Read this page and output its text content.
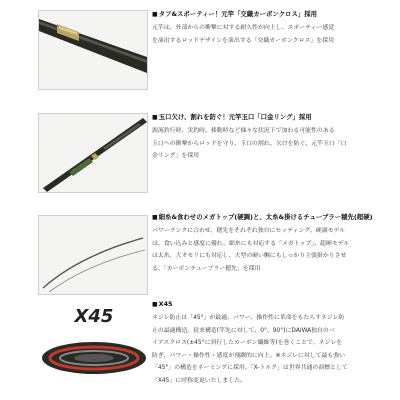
■タフ&スポーティー！元竿「交織カーボンクロス」採用

元竿は、外部からの衝撃に対する耐久性が向上し、スポーティー感覚

を演出するロッドデザインを演出する「交織カーボンクロス」を採用

■玉口欠け、割れを防ぐ！元竿玉口「口金リング」採用

源流釣行時、実釣時、移動時など様々な状況下で加わる可能性のある

玉口への衝撃からロッドを守り、玉口の割れ、欠けを防ぐ、元竿玉口「口

金リング」を採用

■細糸&食わせのメガトップ(硬調)と、太糸&掛けるチューブラー穂先(超硬)

パワーランクに合わせ、穂先をそれぞれ独自にセッティング。硬調モデル

は、食い込みと感度に優れ、細糸にも対応する「メガトップ」、超硬モデル

は太糸、大オモリにも対応し、大型の硬い鯛にもしっかり主張掛かりさせ

る、「カーボンチューブラー穂先」を採用

X45
■X45

ネジレ防止は「45°」が最適。パワー、操作性に革命をもたらすネジレ防

止の最適構造。従来構造(竿先に対して、0°、90°)にDAIWA独自のバ

イアスクロス(±45°に斜行したカーボン繊維等)を巻くことで、ネジレを

防ぎ、パワー・操作性・感度が飛躍的に向上。※ネジレに対して最も強い

「45°」の構造をネーミングに採用。「X-トルク」は世界共通の商標として

「X45」に呼称変更いたしました。
